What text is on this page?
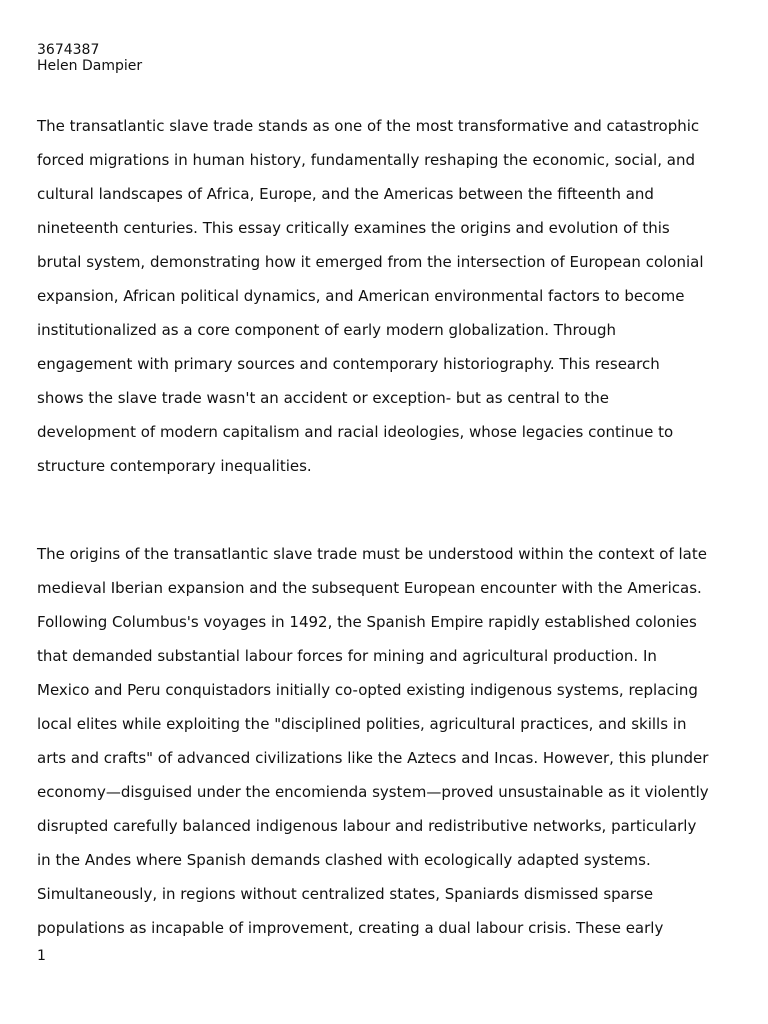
3674387
Helen Dampier

The transatlantic slave trade stands as one of the most transformative and catastrophic
forced migrations in human history, fundamentally reshaping the economic, social, and
cultural landscapes of Africa, Europe, and the Americas between the fifteenth and
nineteenth centuries. This essay critically examines the origins and evolution of this
brutal system, demonstrating how it emerged from the intersection of European colonial
expansion, African political dynamics, and American environmental factors to become
institutionalized as a core component of early modern globalization. Through
engagement with primary sources and contemporary historiography. This research
shows the slave trade wasn't an accident or exception- but as central to the
development of modern capitalism and racial ideologies, whose legacies continue to
structure contemporary inequalities.

The origins of the transatlantic slave trade must be understood within the context of late
medieval Iberian expansion and the subsequent European encounter with the Americas.
Following Columbus's voyages in 1492, the Spanish Empire rapidly established colonies
that demanded substantial labour forces for mining and agricultural production. In
Mexico and Peru conquistadors initially co-opted existing indigenous systems, replacing
local elites while exploiting the "disciplined polities, agricultural practices, and skills in
arts and crafts" of advanced civilizations like the Aztecs and Incas. However, this plunder
economy—disguised under the encomienda system—proved unsustainable as it violently
disrupted carefully balanced indigenous labour and redistributive networks, particularly
in the Andes where Spanish demands clashed with ecologically adapted systems.
Simultaneously, in regions without centralized states, Spaniards dismissed sparse
populations as incapable of improvement, creating a dual labour crisis. These early

1
